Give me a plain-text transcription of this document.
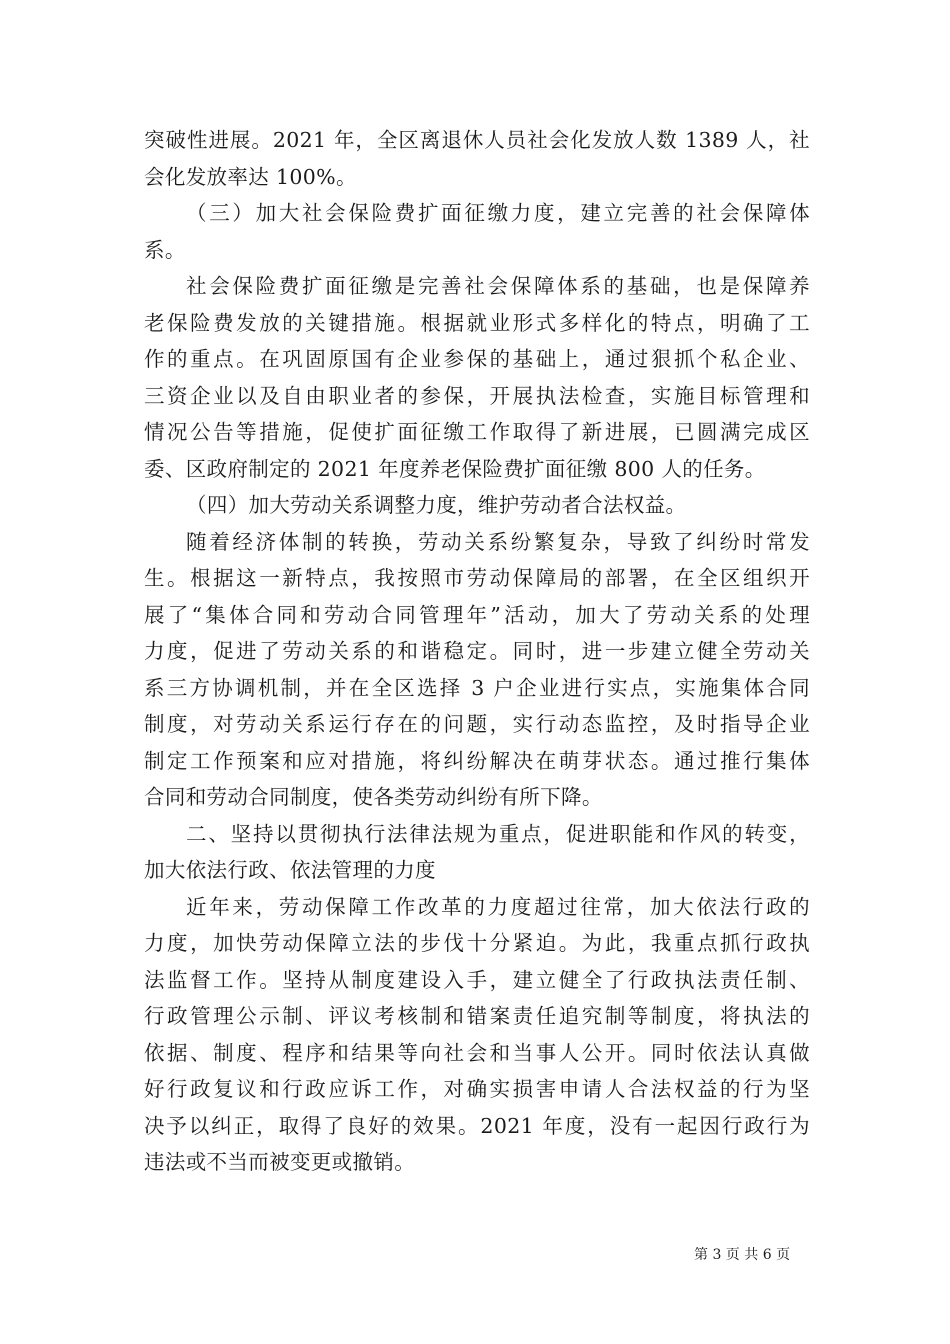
突破性进展。2021 年，全区离退休人员社会化发放人数 1389 人，社
会化发放率达 100%。
（三）加大社会保险费扩面征缴力度，建立完善的社会保障体
系。
社会保险费扩面征缴是完善社会保障体系的基础，也是保障养
老保险费发放的关键措施。根据就业形式多样化的特点，明确了工
作的重点。在巩固原国有企业参保的基础上，通过狠抓个私企业、
三资企业以及自由职业者的参保，开展执法检查，实施目标管理和
情况公告等措施，促使扩面征缴工作取得了新进展，已圆满完成区
委、区政府制定的 2021 年度养老保险费扩面征缴 800 人的任务。
（四）加大劳动关系调整力度，维护劳动者合法权益。
随着经济体制的转换，劳动关系纷繁复杂，导致了纠纷时常发
生。根据这一新特点，我按照市劳动保障局的部署，在全区组织开
展了“集体合同和劳动合同管理年”活动，加大了劳动关系的处理
力度，促进了劳动关系的和谐稳定。同时，进一步建立健全劳动关
系三方协调机制，并在全区选择 3 户企业进行实点，实施集体合同
制度，对劳动关系运行存在的问题，实行动态监控，及时指导企业
制定工作预案和应对措施，将纠纷解决在萌芽状态。通过推行集体
合同和劳动合同制度，使各类劳动纠纷有所下降。
二、坚持以贯彻执行法律法规为重点，促进职能和作风的转变，
加大依法行政、依法管理的力度
近年来，劳动保障工作改革的力度超过往常，加大依法行政的
力度，加快劳动保障立法的步伐十分紧迫。为此，我重点抓行政执
法监督工作。坚持从制度建设入手，建立健全了行政执法责任制、
行政管理公示制、评议考核制和错案责任追究制等制度，将执法的
依据、制度、程序和结果等向社会和当事人公开。同时依法认真做
好行政复议和行政应诉工作，对确实损害申请人合法权益的行为坚
决予以纠正，取得了良好的效果。2021 年度，没有一起因行政行为
违法或不当而被变更或撤销。
第 3 页 共 6 页
